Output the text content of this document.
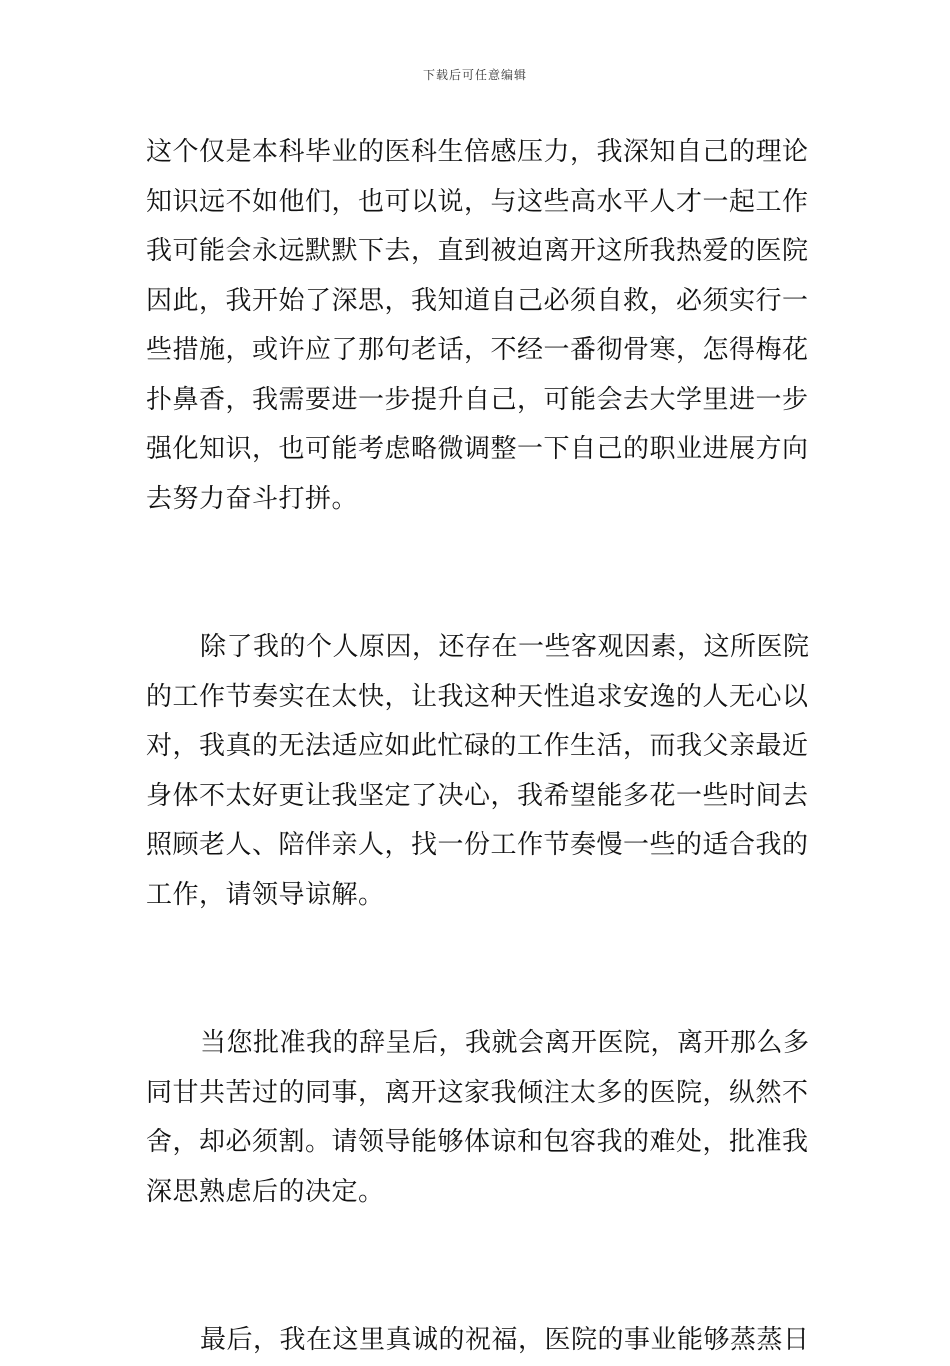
下载后可任意编辑
这个仅是本科毕业的医科生倍感压力，我深知自己的理论
知识远不如他们，也可以说，与这些高水平人才一起工作
我可能会永远默默下去，直到被迫离开这所我热爱的医院
因此，我开始了深思，我知道自己必须自救，必须实行一
些措施，或许应了那句老话，不经一番彻骨寒，怎得梅花
扑鼻香，我需要进一步提升自己，可能会去大学里进一步
强化知识，也可能考虑略微调整一下自己的职业进展方向
去努力奋斗打拼。
除了我的个人原因，还存在一些客观因素，这所医院
的工作节奏实在太快，让我这种天性追求安逸的人无心以
对，我真的无法适应如此忙碌的工作生活，而我父亲最近
身体不太好更让我坚定了决心，我希望能多花一些时间去
照顾老人、陪伴亲人，找一份工作节奏慢一些的适合我的
工作，请领导谅解。
当您批准我的辞呈后，我就会离开医院，离开那么多
同甘共苦过的同事，离开这家我倾注太多的医院，纵然不
舍，却必须割。请领导能够体谅和包容我的难处，批准我
深思熟虑后的决定。
最后，我在这里真诚的祝福，医院的事业能够蒸蒸日
